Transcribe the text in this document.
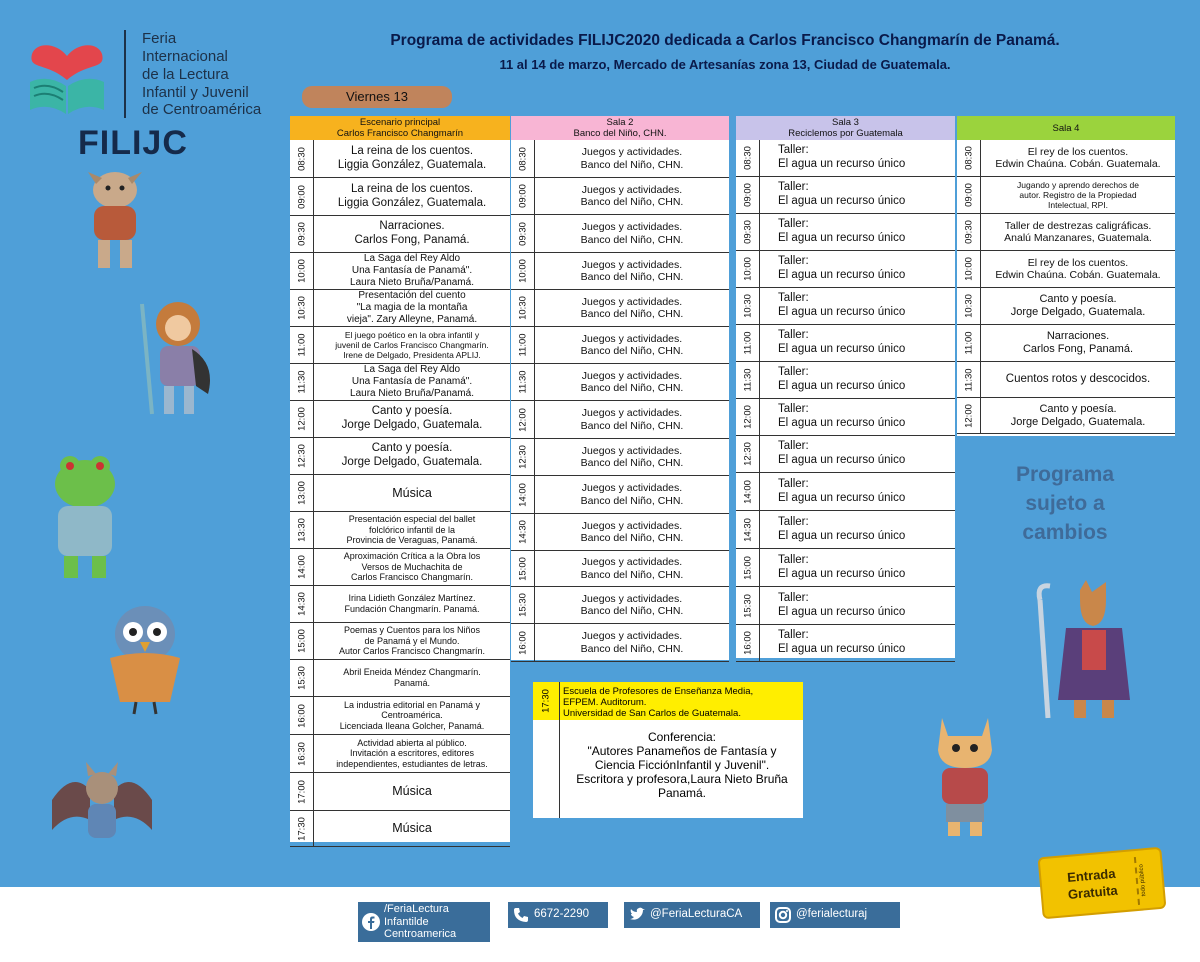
Feria
Internacional
de la Lectura
Infantil y Juvenil
de Centroamérica
FILIJC
Programa de actividades FILIJC2020 dedicada a Carlos Francisco Changmarín de Panamá.
11 al 14 de marzo, Mercado de Artesanías zona 13, Ciudad de Guatemala.
Viernes 13
Escenario principal
Carlos Francisco Changmarín
08:30	La reina de los cuentos.
Liggia González, Guatemala.
09:00	La reina de los cuentos.
Liggia González, Guatemala.
09:30	Narraciones.
Carlos Fong, Panamá.
10:00
La Saga del Rey Aldo
Una Fantasía de Panamá".
Laura Nieto Bruña/Panamá.
10:30
Presentación del cuento
"La magia de la montaña
vieja". Zary Alleyne, Panamá.
11:00	El juego poético en la obra infantil y
juvenil de Carlos Francisco Changmarín.
Irene de Delgado, Presidenta APLIJ.
11:30
La Saga del Rey Aldo
Una Fantasía de Panamá".
Laura Nieto Bruña/Panamá.
12:00	Canto y poesía.
Jorge Delgado, Guatemala.
12:30	Canto y poesía.
Jorge Delgado, Guatemala.
13:00	Música
13:30	Presentación especial del ballet
folclórico infantil de la
Provincia de Veraguas, Panamá.
14:00	Aproximación Crítica a la Obra los
Versos de Muchachita de
Carlos Francisco Changmarín.
14:30	Irina Lidieth González Martínez.
Fundación Changmarín. Panamá.
15:00	Poemas y Cuentos para los Niños
de Panamá y el Mundo.
Autor Carlos Francisco Changmarín.
15:30	Abril Eneida Méndez Changmarín.
Panamá.
16:00	La industria editorial en Panamá y
Centroamérica.
Licenciada Ileana Golcher, Panamá.
16:30	Actividad abierta al público.
Invitación a escritores, editores
independientes, estudiantes de letras.
17:00	Música
17:30	Música
Sala 2
Banco del Niño, CHN.
08:30	Juegos y actividades.
Banco del Niño, CHN.
09:00	Juegos y actividades.
Banco del Niño, CHN.
09:30	Juegos y actividades.
Banco del Niño, CHN.
10:00	Juegos y actividades.
Banco del Niño, CHN.
10:30	Juegos y actividades.
Banco del Niño, CHN.
11:00	Juegos y actividades.
Banco del Niño, CHN.
11:30	Juegos y actividades.
Banco del Niño, CHN.
12:00	Juegos y actividades.
Banco del Niño, CHN.
12:30	Juegos y actividades.
Banco del Niño, CHN.
14:00	Juegos y actividades.
Banco del Niño, CHN.
14:30	Juegos y actividades.
Banco del Niño, CHN.
15:00	Juegos y actividades.
Banco del Niño, CHN.
15:30	Juegos y actividades.
Banco del Niño, CHN.
16:00	Juegos y actividades.
Banco del Niño, CHN.
Sala 3
Reciclemos por Guatemala
08:30	Taller:
El agua un recurso único
09:00	Taller:
El agua un recurso único
09:30	Taller:
El agua un recurso único
10:00	Taller:
El agua un recurso único
10:30	Taller:
El agua un recurso único
11:00	Taller:
El agua un recurso único
11:30	Taller:
El agua un recurso único
12:00	Taller:
El agua un recurso único
12:30	Taller:
El agua un recurso único
14:00	Taller:
El agua un recurso único
14:30	Taller:
El agua un recurso único
15:00	Taller:
El agua un recurso único
15:30	Taller:
El agua un recurso único
16:00	Taller:
El agua un recurso único
Sala 4
08:30	El rey de los cuentos.
Edwin Chaúna. Cobán. Guatemala.
09:00	Jugando y aprendo derechos de
autor. Registro de la Propiedad
Intelectual, RPI.
09:30	Taller de destrezas caligráficas.
Analú Manzanares, Guatemala.
10:00	El rey de los cuentos.
Edwin Chaúna. Cobán. Guatemala.
10:30	Canto y poesía.
Jorge Delgado, Guatemala.
11:00	Narraciones.
Carlos Fong, Panamá.
11:30	Cuentos rotos y descocidos.
12:00	Canto y poesía.
Jorge Delgado, Guatemala.
17:30 Escuela de Profesores de Enseñanza Media,
EFPEM. Auditorum.
Universidad de San Carlos de Guatemala.
Conferencia:
"Autores Panameños de Fantasía y
Ciencia FicciónInfantil y Juvenil".
Escritora y profesora,Laura Nieto Bruña
Panamá.
Programa
sujeto a
cambios
Entrada
Gratuita	todo público
/FeriaLectura
Infantilde
Centroamerica
6672-2290	@FeriaLecturaCA	@ferialecturaj
